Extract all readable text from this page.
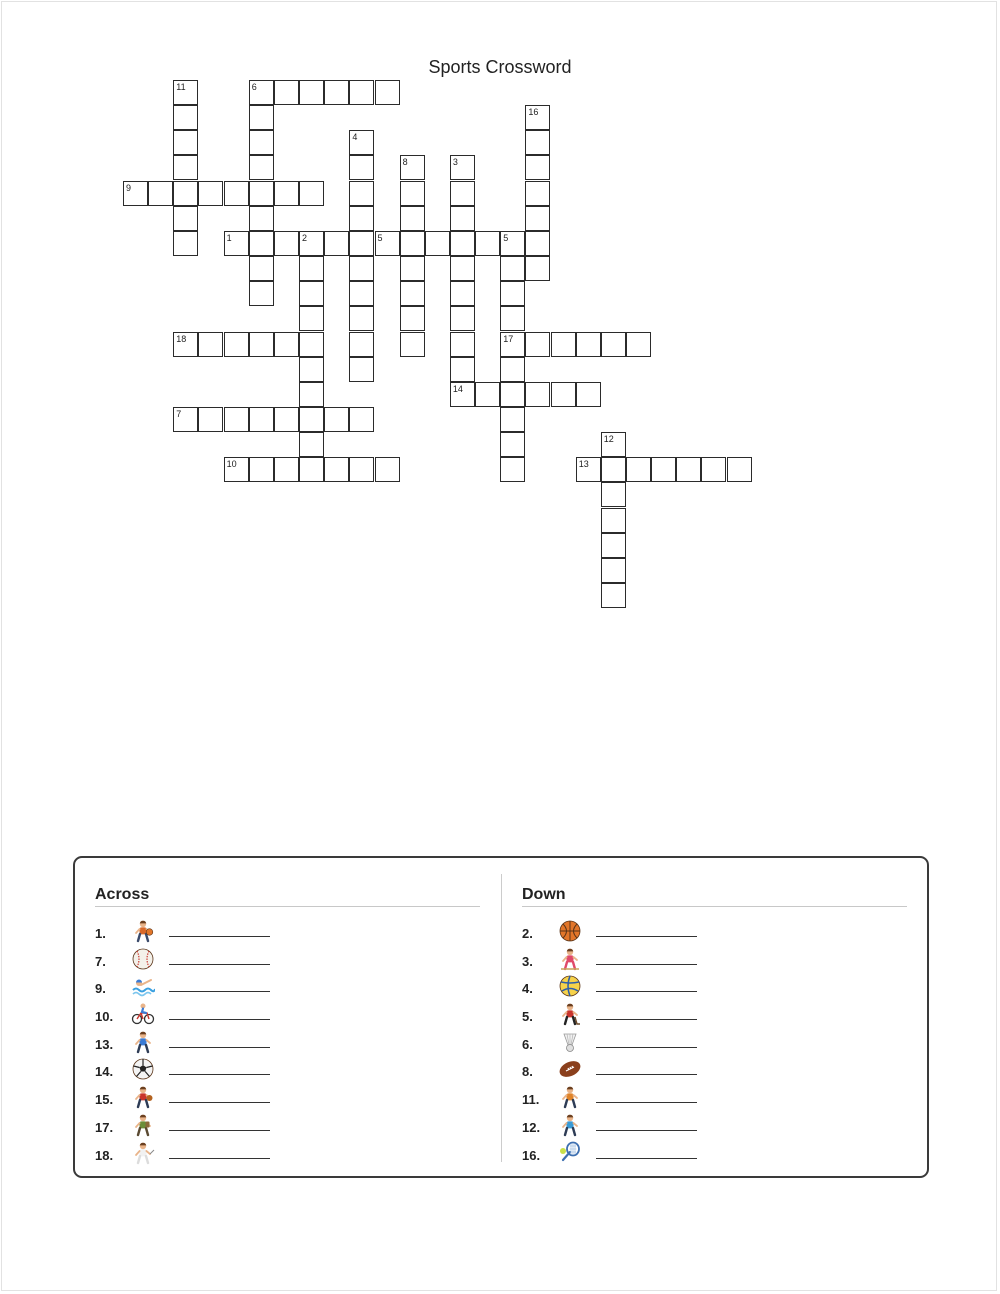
Sports Crossword
1	2	5
7
9
10	13
14
17
18
3
4
5
6
8
11
12
16
Across
1.
7.
9.
10.
13.
14.
15.
17.
18.
Down
2.
3.
4.
5.
6.
8.
11.
12.
16.
